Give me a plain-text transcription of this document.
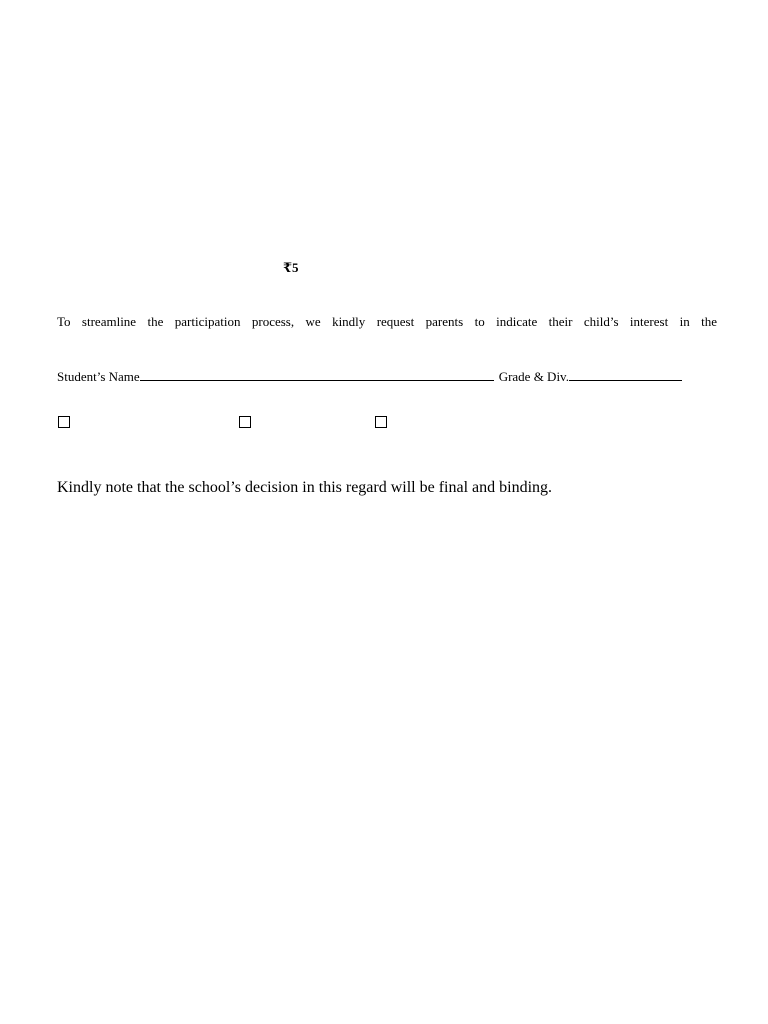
₹5
To streamline the participation process, we kindly request parents to indicate their child’s interest in the
Student’s Name	Grade & Div.
Kindly note that the school’s decision in this regard will be final and binding.
